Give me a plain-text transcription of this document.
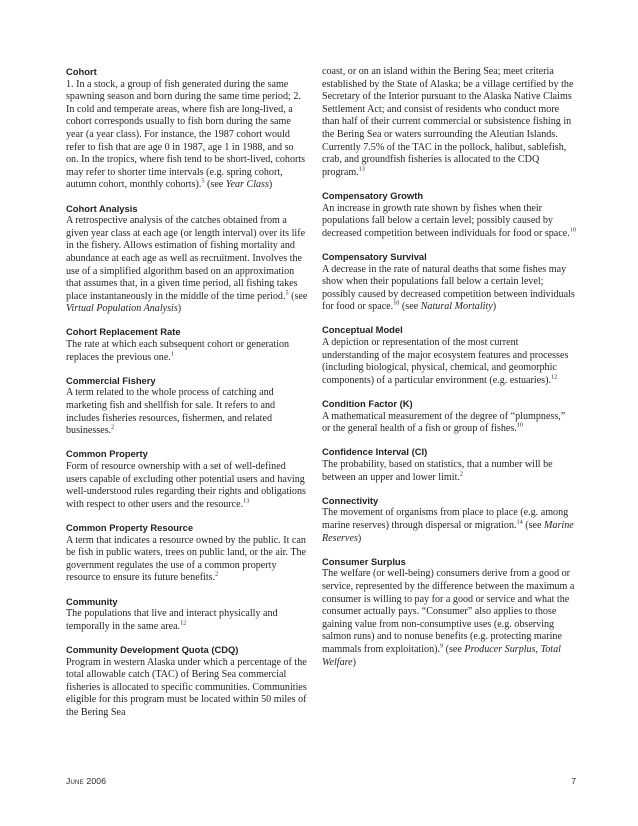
Cohort
1. In a stock, a group of fish generated during the same spawning season and born during the same time period; 2. In cold and temperate areas, where fish are long-lived, a cohort corresponds usually to fish born during the same year (a year class). For instance, the 1987 cohort would refer to fish that are age 0 in 1987, age 1 in 1988, and so on. In the tropics, where fish tend to be short-lived, cohorts may refer to shorter time intervals (e.g. spring cohort, autumn cohort, monthly cohorts).$^5$ (see Year Class)
Cohort Analysis
A retrospective analysis of the catches obtained from a given year class at each age (or length interval) over its life in the fishery. Allows estimation of fishing mortality and abundance at each age as well as recruitment. Involves the use of a simplified algorithm based on an approximation that assumes that, in a given time period, all fishing takes place instantaneously in the middle of the time period.$^5$ (see Virtual Population Analysis)
Cohort Replacement Rate
The rate at which each subsequent cohort or generation replaces the previous one.$^1$
Commercial Fishery
A term related to the whole process of catching and marketing fish and shellfish for sale. It refers to and includes fisheries resources, fishermen, and related businesses.$^2$
Common Property
Form of resource ownership with a set of well-defined users capable of excluding other potential users and having well-understood rules regarding their rights and obligations with respect to other users and the resource.$^{13}$
Common Property Resource
A term that indicates a resource owned by the public. It can be fish in public waters, trees on public land, or the air. The government regulates the use of a common property resource to ensure its future benefits.$^2$
Community
The populations that live and interact physically and temporally in the same area.$^{12}$
Community Development Quota (CDQ)
Program in western Alaska under which a percentage of the total allowable catch (TAC) of Bering Sea commercial fisheries is allocated to specific communities. Communities eligible for this program must be located within 50 miles of the Bering Sea
coast, or on an island within the Bering Sea; meet criteria established by the State of Alaska; be a village certified by the Secretary of the Interior pursuant to the Alaska Native Claims Settlement Act; and consist of residents who conduct more than half of their current commercial or subsistence fishing in the Bering Sea or waters surrounding the Aleutian Islands. Currently 7.5% of the TAC in the pollock, halibut, sablefish, crab, and groundfish fisheries is allocated to the CDQ program.$^{13}$
Compensatory Growth
An increase in growth rate shown by fishes when their populations fall below a certain level; possibly caused by decreased competition between individuals for food or space.$^{10}$
Compensatory Survival
A decrease in the rate of natural deaths that some fishes may show when their populations fall below a certain level; possibly caused by decreased competition between individuals for food or space.$^{10}$ (see Natural Mortality)
Conceptual Model
A depiction or representation of the most current understanding of the major ecosystem features and processes (including biological, physical, chemical, and geomorphic components) of a particular environment (e.g. estuaries).$^{12}$
Condition Factor (K)
A mathematical measurement of the degree of “plumpness,” or the general health of a fish or group of fishes.$^{10}$
Confidence Interval (CI)
The probability, based on statistics, that a number will be between an upper and lower limit.$^2$
Connectivity
The movement of organisms from place to place (e.g. among marine reserves) through dispersal or migration.$^{14}$ (see Marine Reserves)
Consumer Surplus
The welfare (or well-being) consumers derive from a good or service, represented by the difference between the maximum a consumer is willing to pay for a good or service and what the consumer actually pays. “Consumer” also applies to those gaining value from non-consumptive uses (e.g. observing salmon runs) and to nonuse benefits (e.g. protecting marine mammals from exploitation).$^9$ (see Producer Surplus, Total Welfare)
June 2006	7
